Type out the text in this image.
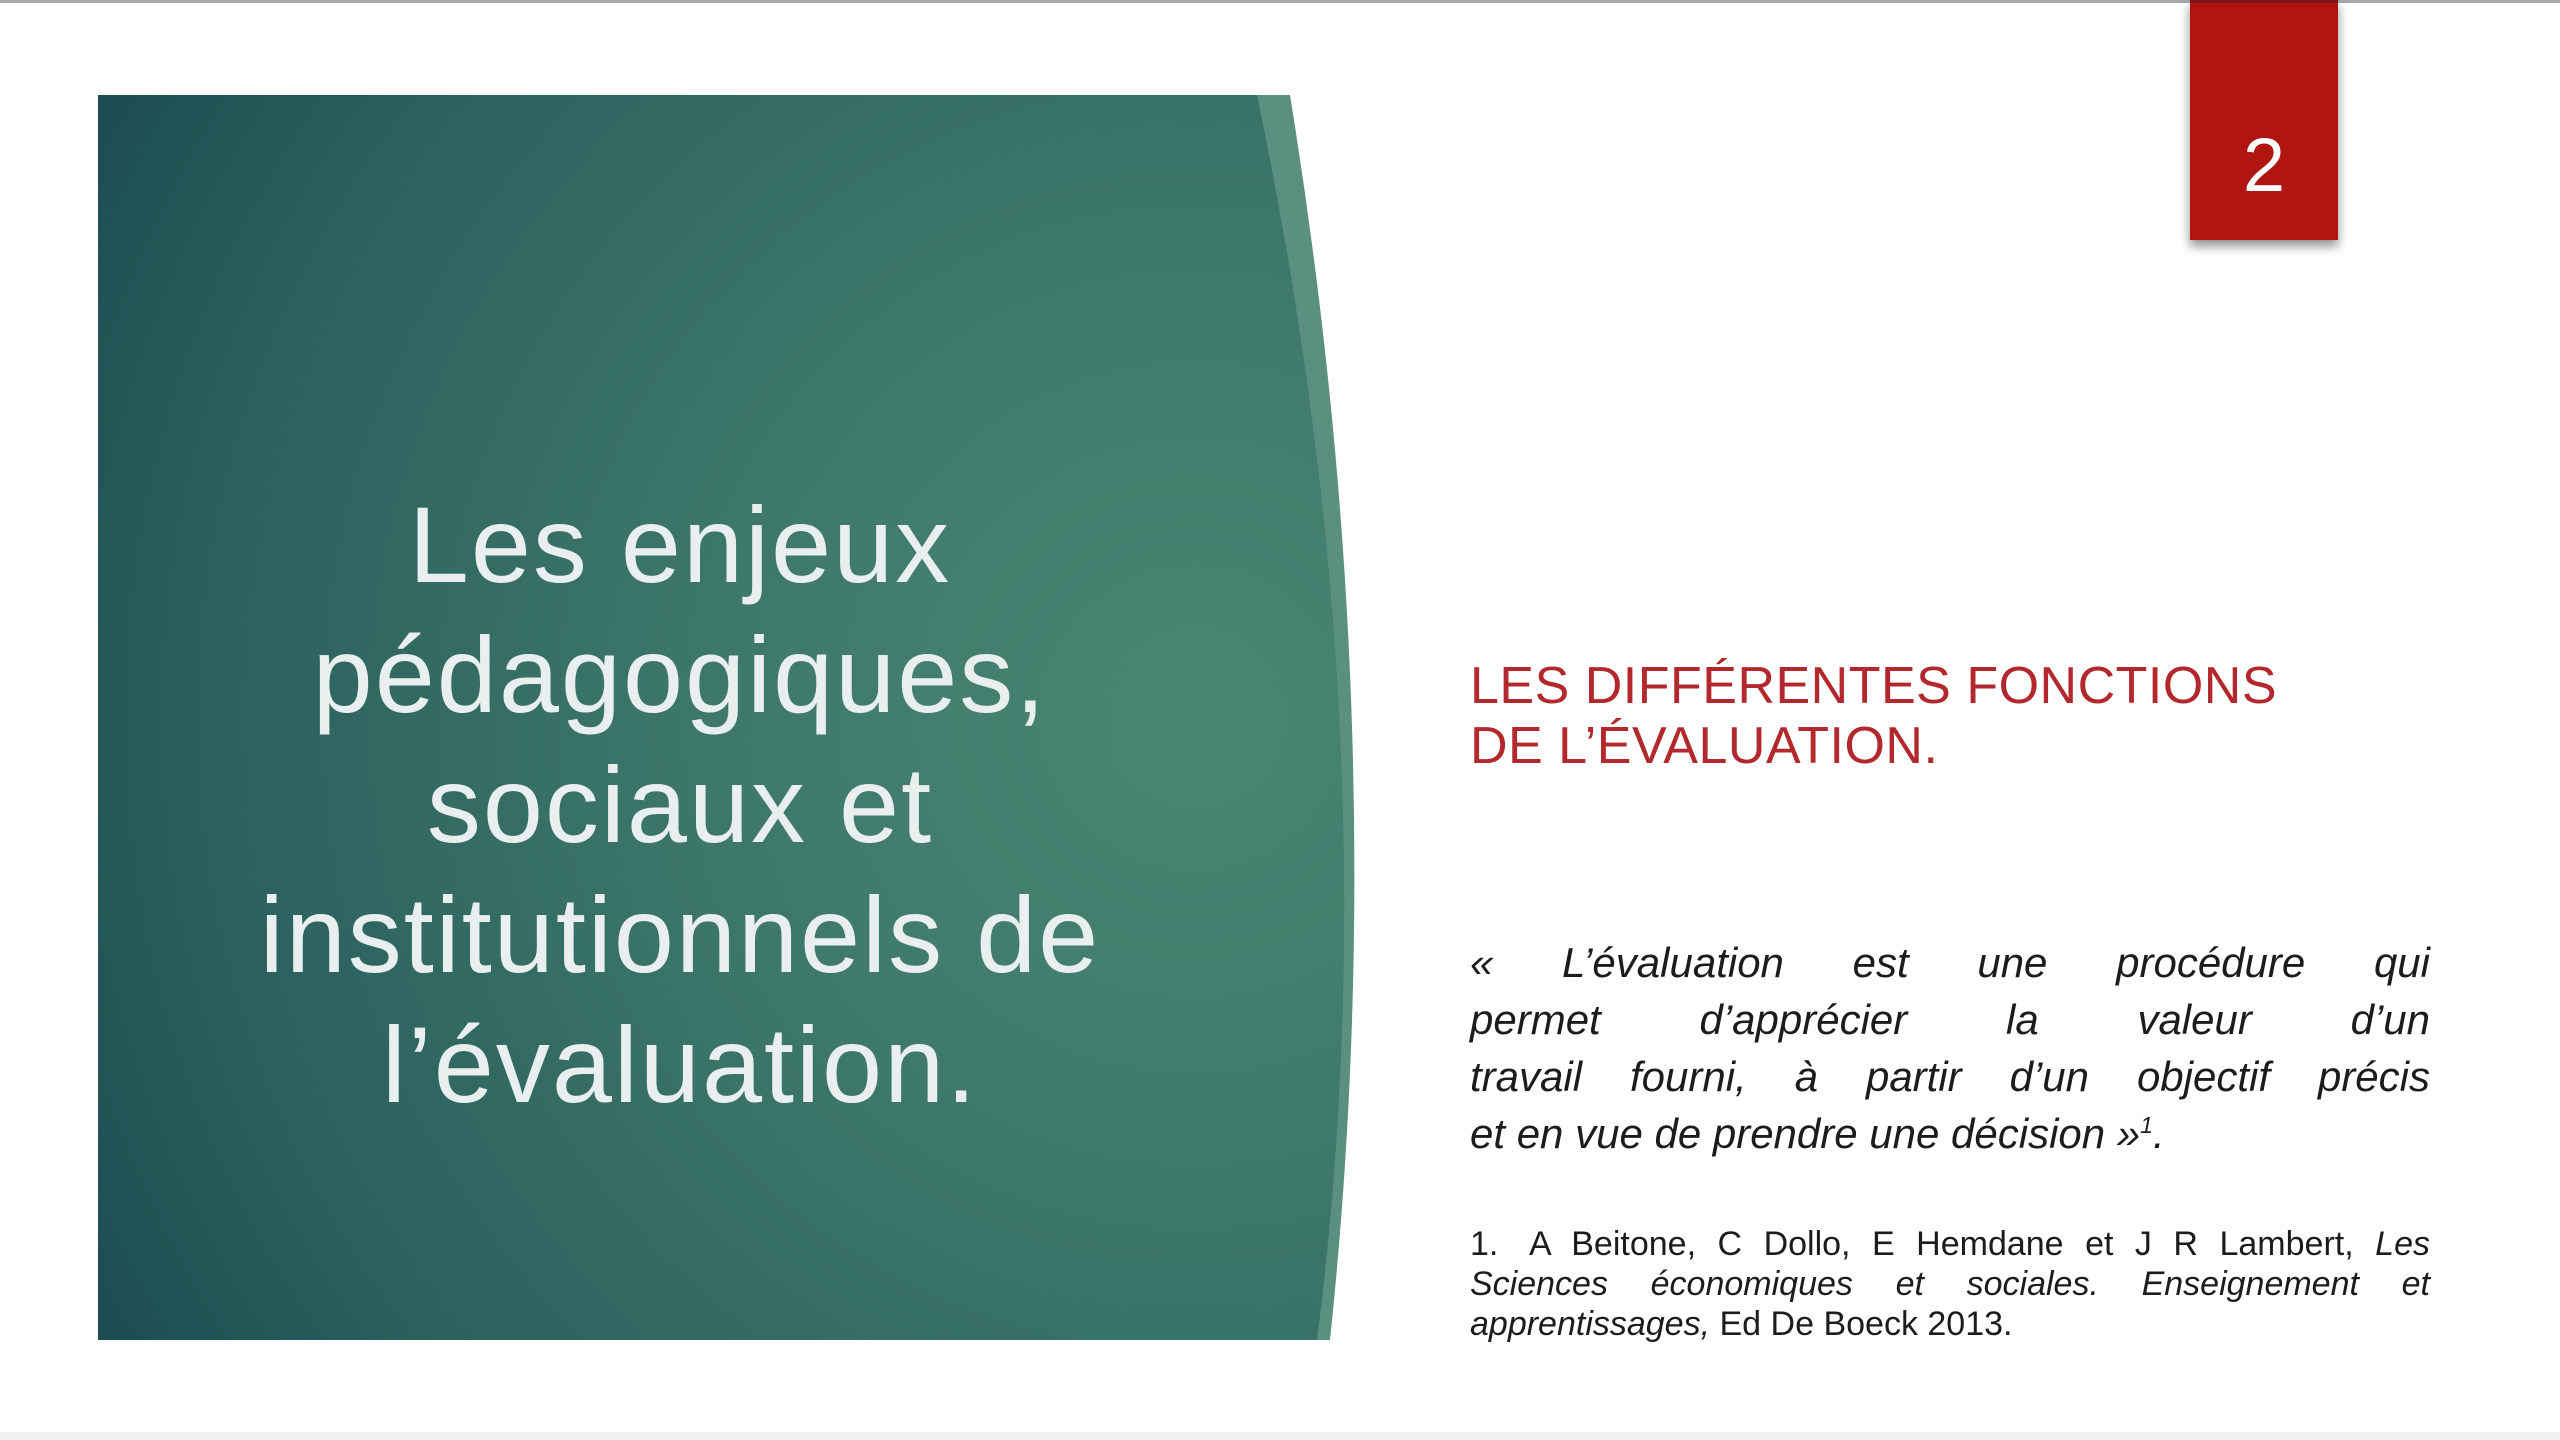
Les enjeux
pédagogiques,
sociaux et
institutionnels de
l’évaluation.
2
LES DIFFÉRENTES FONCTIONS
DE L’ÉVALUATION.
« L’évaluation est une procédure qui
permet d’apprécier la valeur d’un
travail fourni, à partir d’un objectif précis
et en vue de prendre une décision »$^1$.
1. A Beitone, C Dollo, E Hemdane et J R Lambert, Les
Sciences économiques et sociales. Enseignement et
apprentissages, Ed De Boeck 2013.
